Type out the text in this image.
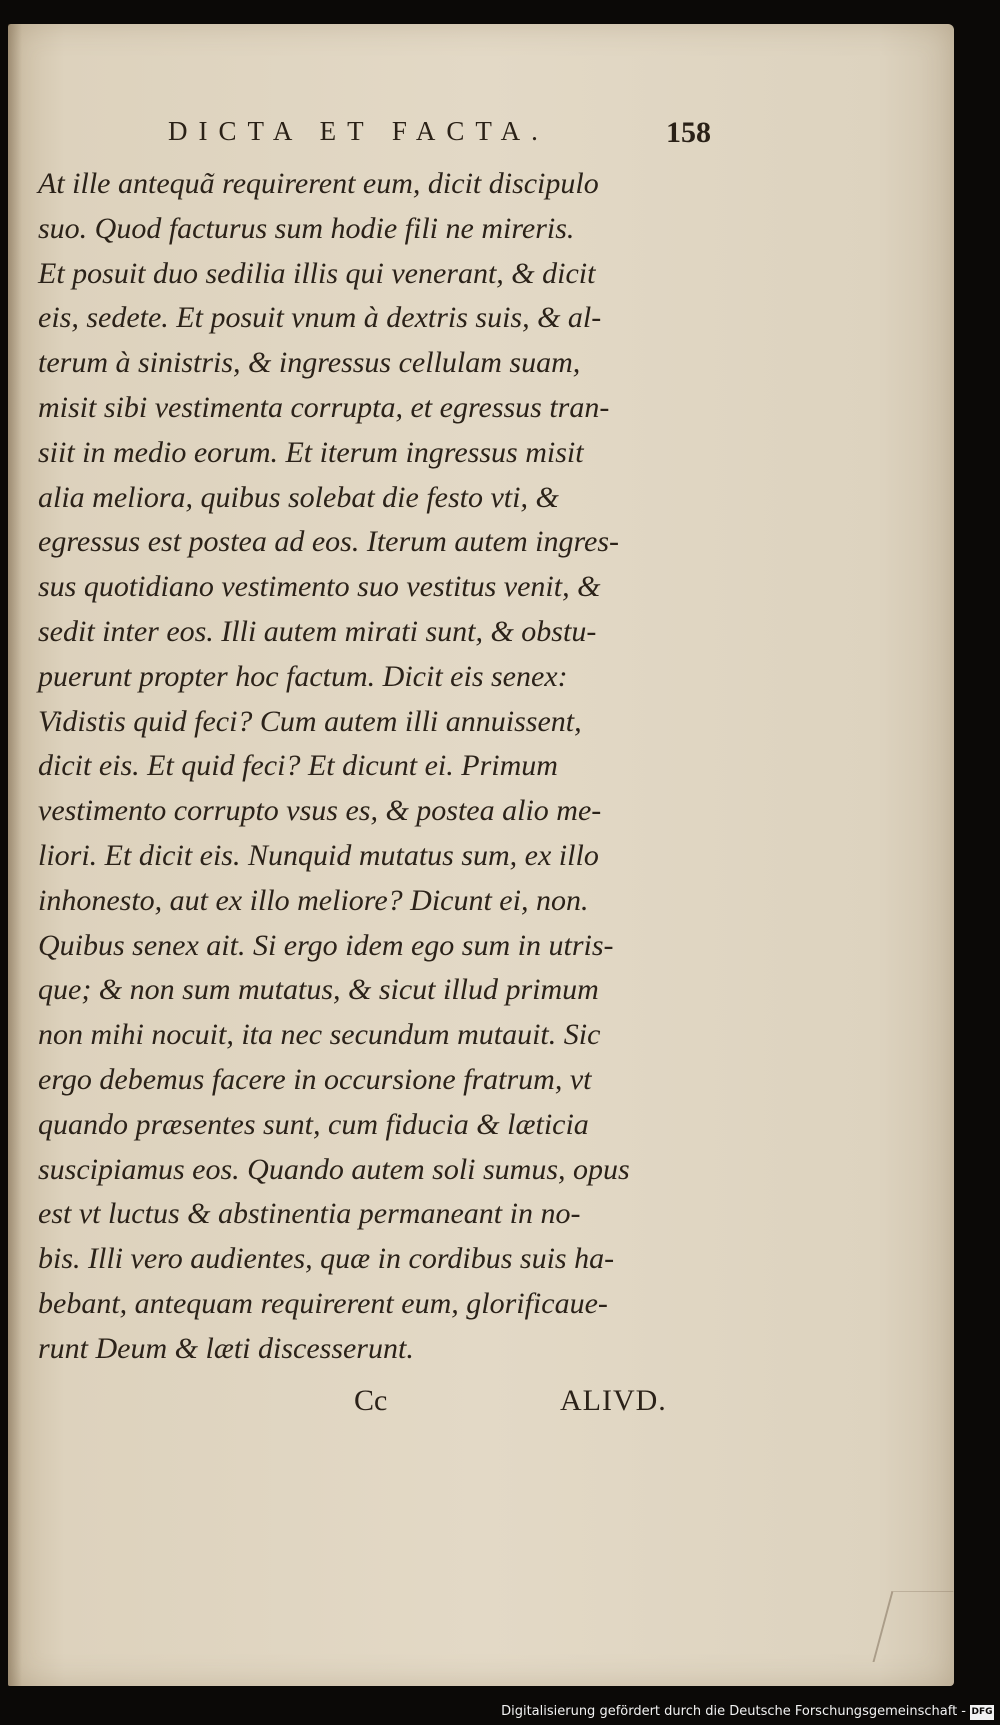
DICTA ET FACTA.	158
At ille antequã requirerent eum, dicit discipulo
suo. Quod facturus sum hodie fili ne mireris.
Et posuit duo sedilia illis qui venerant, & dicit
eis, sedete. Et posuit vnum à dextris suis, & al-
terum à sinistris, & ingressus cellulam suam,
misit sibi vestimenta corrupta, et egressus tran-
siit in medio eorum. Et iterum ingressus misit
alia meliora, quibus solebat die festo vti, &
egressus est postea ad eos. Iterum autem ingres-
sus quotidiano vestimento suo vestitus venit, &
sedit inter eos. Illi autem mirati sunt, & obstu-
puerunt propter hoc factum. Dicit eis senex:
Vidistis quid feci? Cum autem illi annuissent,
dicit eis. Et quid feci? Et dicunt ei. Primum
vestimento corrupto vsus es, & postea alio me-
liori. Et dicit eis. Nunquid mutatus sum, ex illo
inhonesto, aut ex illo meliore? Dicunt ei, non.
Quibus senex ait. Si ergo idem ego sum in utris-
que; & non sum mutatus, & sicut illud primum
non mihi nocuit, ita nec secundum mutauit. Sic
ergo debemus facere in occursione fratrum, vt
quando præsentes sunt, cum fiducia & læticia
suscipiamus eos. Quando autem soli sumus, opus
est vt luctus & abstinentia permaneant in no-
bis. Illi vero audientes, quæ in cordibus suis ha-
bebant, antequam requirerent eum, glorificaue-
runt Deum & læti discesserunt.
Cc	ALIVD.
Digitalisierung gefördert durch die Deutsche Forschungsgemeinschaft - DFG
